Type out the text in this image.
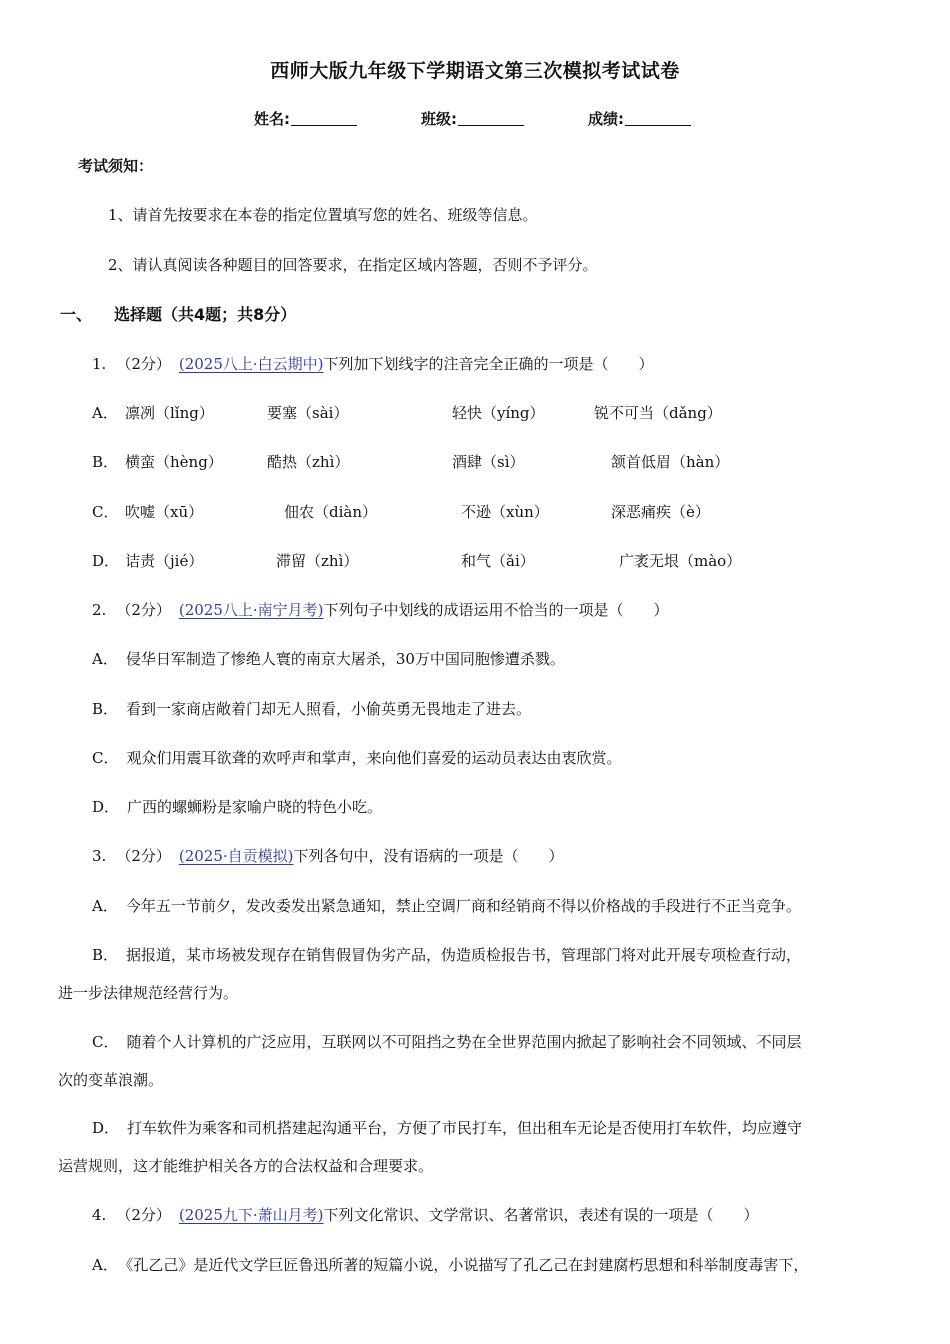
西师大版九年级下学期语文第三次模拟考试试卷
姓名:	班级:	成绩:
考试须知：
1、请首先按要求在本卷的指定位置填写您的姓名、班级等信息。
2、请认真阅读各种题目的回答要求，在指定区域内答题，否则不予评分。
一、 选择题（共4题；共8分）
1. （2分） (2025八上·白云期中)下列加下划线字的注音完全正确的一项是（　　）
A． 凛冽（lǐng）	要塞（sài）	轻快（yíng）	锐不可当（dǎng）
B． 横蛮（hèng）	酷热（zhì）	酒肆（sì）	颔首低眉（hàn）
C． 吹嘘（xū）	佃农（diàn）	不逊（xùn）	深恶痛疾（è）
D． 诘责（jié）	滞留（zhì）	和气（ǎi）	广袤无垠（mào）
2. （2分） (2025八上·南宁月考)下列句子中划线的成语运用不恰当的一项是（　　）
A． 侵华日军制造了惨绝人寰的南京大屠杀，30万中国同胞惨遭杀戮。
B． 看到一家商店敞着门却无人照看，小偷英勇无畏地走了进去。
C． 观众们用震耳欲聋的欢呼声和掌声，来向他们喜爱的运动员表达由衷欣赏。
D． 广西的螺蛳粉是家喻户晓的特色小吃。
3. （2分） (2025·自贡模拟)下列各句中，没有语病的一项是（　　）
A． 今年五一节前夕，发改委发出紧急通知，禁止空调厂商和经销商不得以价格战的手段进行不正当竞争。
B． 据报道，某市场被发现存在销售假冒伪劣产品，伪造质检报告书，管理部门将对此开展专项检查行动，
进一步法律规范经营行为。
C． 随着个人计算机的广泛应用，互联网以不可阻挡之势在全世界范围内掀起了影响社会不同领域、不同层
次的变革浪潮。
D． 打车软件为乘客和司机搭建起沟通平台，方便了市民打车，但出租车无论是否使用打车软件，均应遵守
运营规则，这才能维护相关各方的合法权益和合理要求。
4. （2分） (2025九下·萧山月考)下列文化常识、文学常识、名著常识，表述有误的一项是（　　）
A． 《孔乙己》是近代文学巨匠鲁迅所著的短篇小说，小说描写了孔乙己在封建腐朽思想和科举制度毒害下，
